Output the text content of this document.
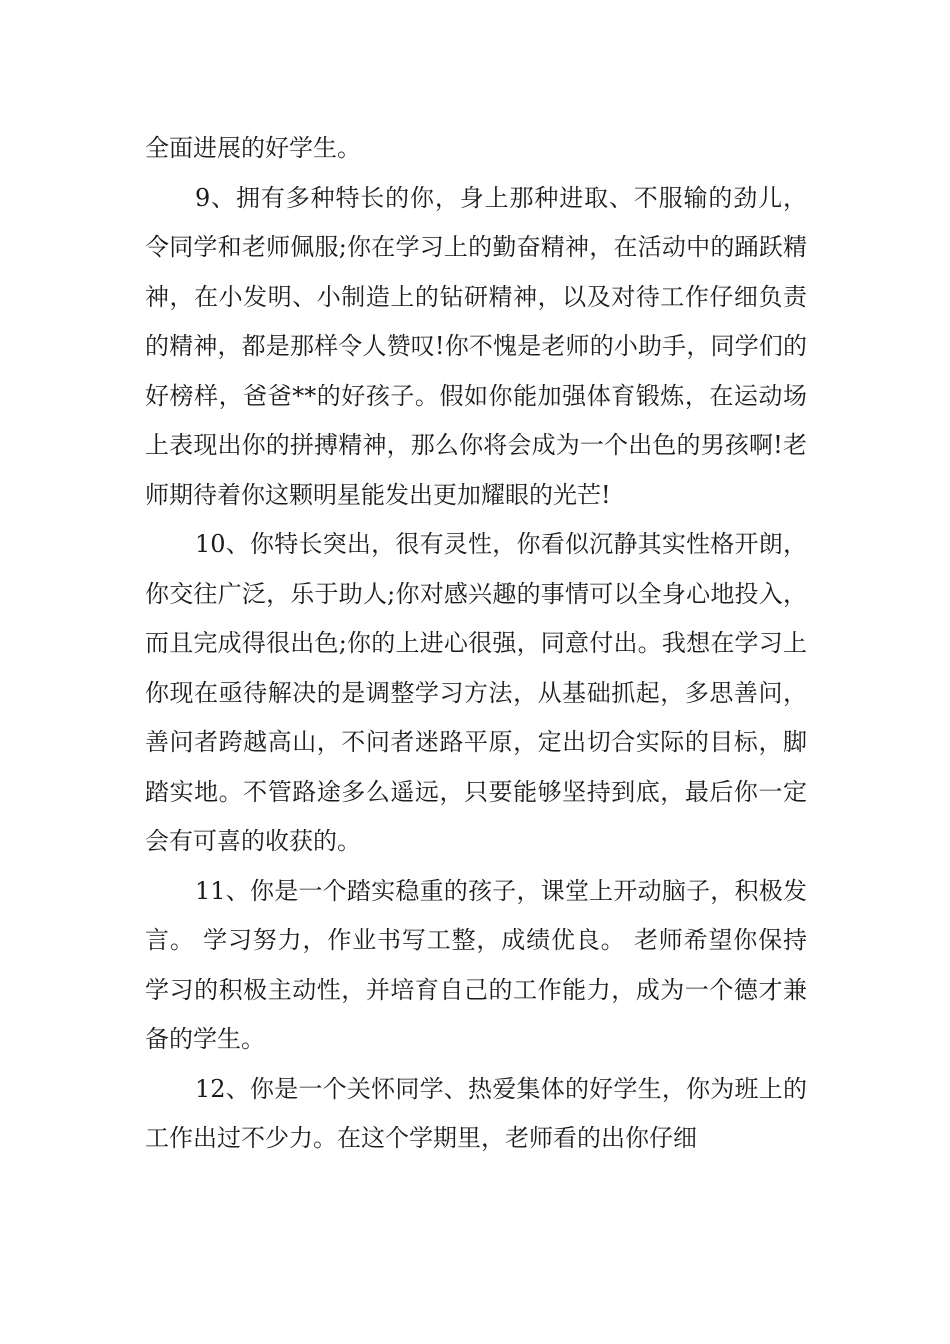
全面进展的好学生。

9、拥有多种特长的你，身上那种进取、不服输的劲儿，令同学和老师佩服;你在学习上的勤奋精神，在活动中的踊跃精神，在小发明、小制造上的钻研精神，以及对待工作仔细负责的精神，都是那样令人赞叹!你不愧是老师的小助手，同学们的好榜样，爸爸**的好孩子。假如你能加强体育锻炼，在运动场上表现出你的拼搏精神，那么你将会成为一个出色的男孩啊!老师期待着你这颗明星能发出更加耀眼的光芒!

10、你特长突出，很有灵性，你看似沉静其实性格开朗，你交往广泛，乐于助人;你对感兴趣的事情可以全身心地投入，而且完成得很出色;你的上进心很强，同意付出。我想在学习上你现在亟待解决的是调整学习方法，从基础抓起，多思善问，善问者跨越高山，不问者迷路平原，定出切合实际的目标，脚踏实地。不管路途多么遥远，只要能够坚持到底，最后你一定会有可喜的收获的。

11、你是一个踏实稳重的孩子，课堂上开动脑子，积极发言。 学习努力，作业书写工整，成绩优良。 老师希望你保持学习的积极主动性，并培育自己的工作能力，成为一个德才兼备的学生。

12、你是一个关怀同学、热爱集体的好学生，你为班上的工作出过不少力。在这个学期里，老师看的出你仔细
